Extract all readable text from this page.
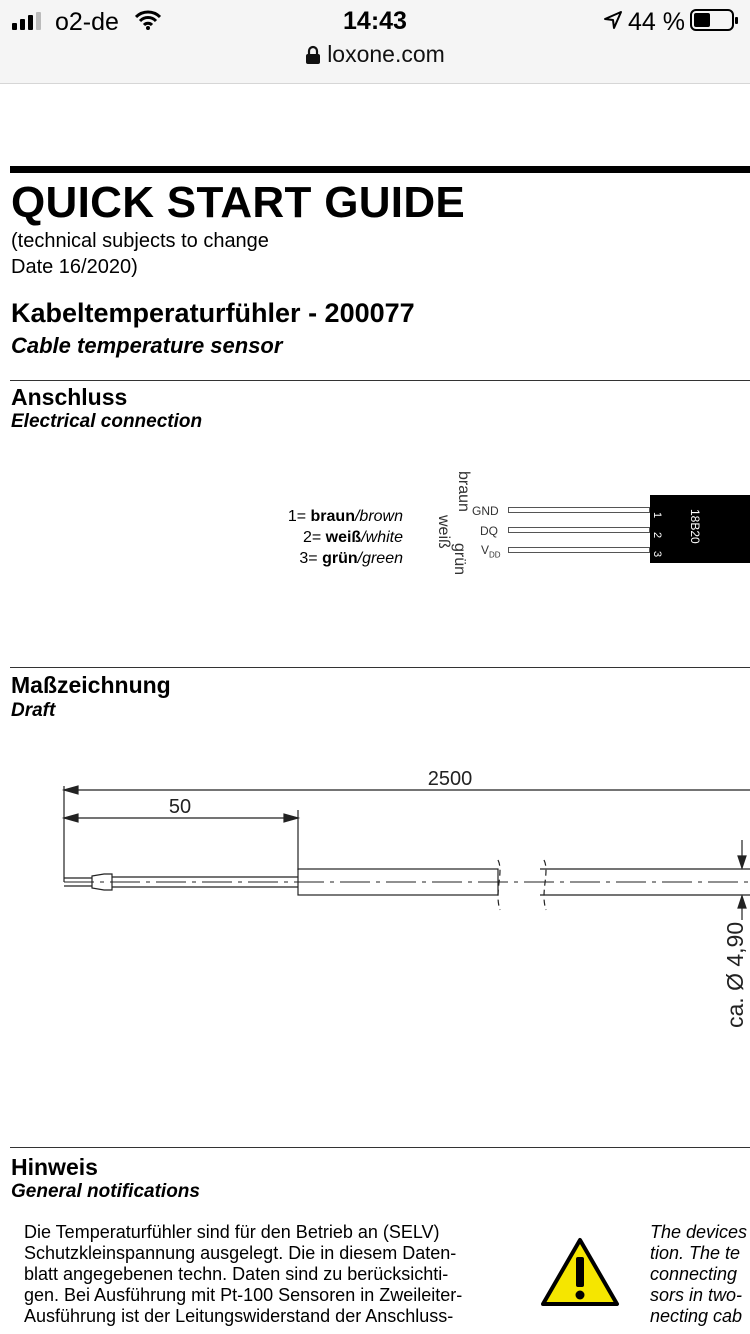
o2-de	14:43	44 %
loxone.com
QUICK START GUIDE
(technical subjects to change
Date 16/2020)
Kabeltemperaturfühler - 200077
Cable temperature sensor
Anschluss
Electrical connection
1= braun/brown
2= weiß/white
3= grün/green
braun
weiß
grün
GND
DQ
$V_{DD}$
1
2
3
18B20
Maßzeichnung
Draft
2500
50
ca. Ø 4,90
Hinweis
General notifications
Die Temperaturfühler sind für den Betrieb an (SELV)
Schutzkleinspannung ausgelegt. Die in diesem Daten-
blatt angegebenen techn. Daten sind zu berücksichti-
gen. Bei Ausführung mit Pt-100 Sensoren in Zweileiter-
Ausführung ist der Leitungswiderstand der Anschluss-
The devices
tion. The te
connecting
sors in two-
necting cab
